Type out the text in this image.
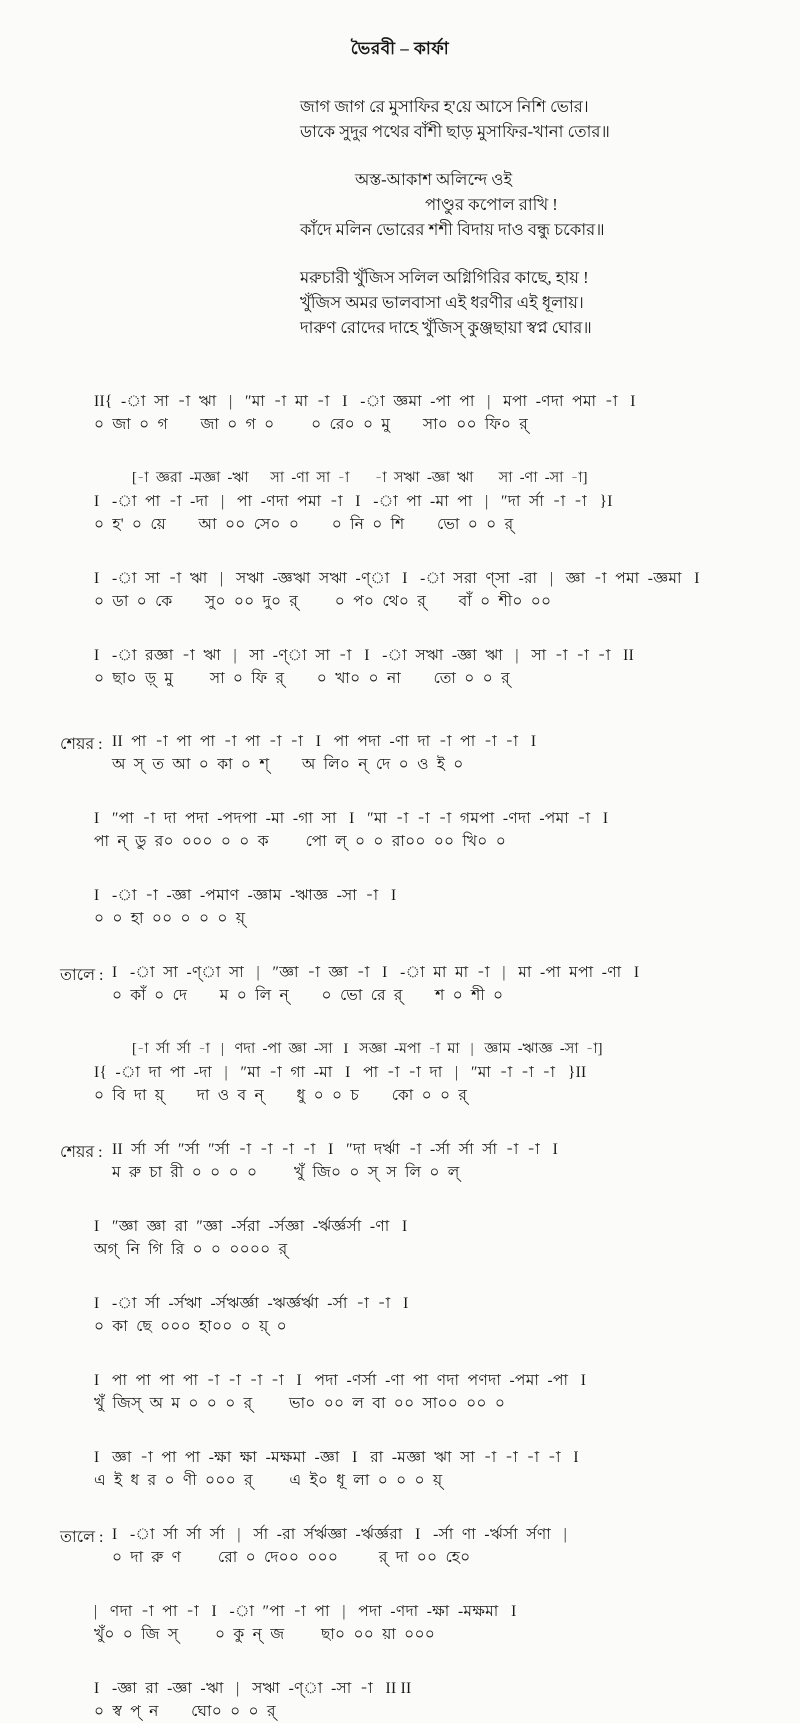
ভৈরবী – কার্ফা
জাগ জাগ রে মুসাফির হ'য়ে আসে নিশি ভোর।
ডাকে সুদুর পথের বাঁশী ছাড় মুসাফির-খানা তোর॥
অস্ত-আকাশ অলিন্দে ওই
পাণ্ডুর কপোল রাখি !
কাঁদে মলিন ভোরের শশী বিদায় দাও বন্ধু চকোর॥
মরুচারী খুঁজিস সলিল অগ্নিগিরির কাছে, হায় !
খুঁজিস অমর ভালবাসা এই ধরণীর এই ধূলায়।
দারুণ রোদের দাহে খুঁজিস্ কুঞ্জছায়া স্বপ্ন ঘোর॥
II{  -া  সা  -া  ঋা   |   ″মা  -া  মা  -া   I   -া  জ্ঞমা  -পা  পা   |   মপা  -ণদা  পমা  -া   I
০  জা  ০  গ        জা  ০  গ  ০         ০  রে০  ০  মু        সা০  ০০  ফি০  র্
[-া  জ্ঞরা  -মজ্ঞা  -ঋা      সা  -ণা  সা  -া       -া  সঋা  -জ্ঞা  ঋা       সা  -ণা  -সা  -া]
I   -া  পা  -া  -দা   |   পা  -ণদা  পমা  -া   I   -া  পা  -মা  পা   |   ″দা  র্সা  -া  -া   }I
০  হ'  ০  য়ে        আ  ০০  সে০  ০        ০  নি  ০  শি        ভো  ০  ০  র্
I   -া  সা  -া  ঋা   |   সঋা  -জ্ঞঋা  সঋা  -ণ্া   I   -া  সরা  ণ্সা  -রা   |   জ্ঞা  -া  পমা  -জ্ঞমা   I
০  ডা  ০  কে        সু০  ০০  দু০  র্         ০  প০  থে০  র্        বাঁ  ০  শী০  ০০
I   -া  রজ্ঞা  -া  ঋা   |   সা  -ণ্া  সা  -া   I   -া  সঋা  -জ্ঞা  ঋা   |   সা  -া  -া  -া   II
০  ছা০  ড়্  মু         সা  ০  ফি  র্        ০  খা০  ০  না        তো  ০  ০  র্
শেয়র : II  পা  -া  পা  পা  -া  পা  -া  -া   I   পা  পদা  -ণা  দা  -া  পা  -া  -া   I
অ  স্  ত  আ  ০  কা  ০  শ্        অ  লি০  ন্  দে  ০  ও  ই  ০
I   ″পা  -া  দা  পদা  -পদপা  -মা  -গা  সা   I   ″মা  -া  -া  -া  গমপা  -ণদা  -পমা  -া   I
পা  ন্  ডু  র০  ০০০  ০  ০  ক         পো  ল্  ০  ০  রা০০  ০০  খি০  ০
I   -া  -া  -জ্ঞা  -পমাণ  -জ্ঞাম  -ঋাজ্ঞ  -সা  -া   I
০  ০  হা  ০০  ০  ০  ০  য়্
তালে : I   -া  সা  -ণ্া  সা   |   ″জ্ঞা  -া  জ্ঞা  -া   I   -া  মা  মা  -া   |   মা  -পা  মপা  -ণা   I
০  কাঁ  ০  দে        ম  ০  লি  ন্        ০  ভো  রে  র্        শ  ০  শী  ০
[-া  র্সা  র্সা  -া   |   ণদা  -পা  জ্ঞা  -সা   I   সজ্ঞা  -মপা  -া  মা   |   জ্ঞাম  -ঋাজ্ঞ  -সা  -া]
I{  -া  দা  পা  -দা   |   ″মা  -া  গা  -মা   I   পা  -া  -া  দা   |   ″মা  -া  -া  -া   }II
০  বি  দা  য়্        দা  ও  ব  ন্        ধু  ০  ০  চ        কো  ০  ০  র্
শেয়র : II  র্সা  র্সা  ″র্সা  ″র্সা  -া  -া  -া  -া   I   ″দা  দর্ঋা  -া  -র্সা  র্সা  র্সা  -া  -া   I
ম  রু  চা  রী  ০  ০  ০  ০         খুঁ  জি০  ০  স্  স  লি  ০  ল্
I   ″জ্ঞা  জ্ঞা  রা  ″জ্ঞা  -র্সরা  -র্সজ্ঞা  -র্ঋর্জ্ঞর্সা  -ণা   I
অগ্  নি  গি  রি  ০  ০  ০০০০  র্
I   -া  র্সা  -র্সঋা  -র্সঋর্জ্ঞা  -ঋর্জ্ঞর্ঋা  -র্সা  -া  -া   I
০  কা  ছে  ০০০  হা০০  ০  য়্  ০
I   পা  পা  পা  পা  -া  -া  -া  -া   I   পদা  -ণর্সা  -ণা  পা  ণদা  পণদা  -পমা  -পা   I
খুঁ  জিস্  অ  ম  ০  ০  ০  র্         ভা০  ০০  ল  বা  ০০  সা০০  ০০  ০
I   জ্ঞা  -া  পা  পা  -ক্ষা  ক্ষা  -মক্ষমা  -জ্ঞা   I   রা  -মজ্ঞা  ঋা  সা  -া  -া  -া  -া   I
এ  ই  ধ  র  ০  ণী  ০০০  র্         এ  ই০  ধূ  লা  ০  ০  ০  য়্
তালে : I   -া  র্সা  র্সা  র্সা   |   র্সা  -রা  র্সর্ঋজ্ঞা  -র্ঋর্জ্ঞরা   I   -র্সা  ণা  -র্ঋর্সা  র্সণা   |
০  দা  রু  ণ         রো  ০  দে০০  ০০০          র্  দা  ০০  হে০
|   ণদা  -া  পা  -া   I   -া  ″পা  -া  পা   |   পদা  -ণদা  -ক্ষা  -মক্ষমা   I
খুঁ০  ০  জি  স্         ০  কু  ন্  জ         ছা০  ০০  য়া  ০০০
I   -জ্ঞা  রা  -জ্ঞা  -ঋা   |   সঋা  -ণ্া  -সা  -া   II II
০  স্ব  প্  ন        ঘো০  ০  ০  র্
